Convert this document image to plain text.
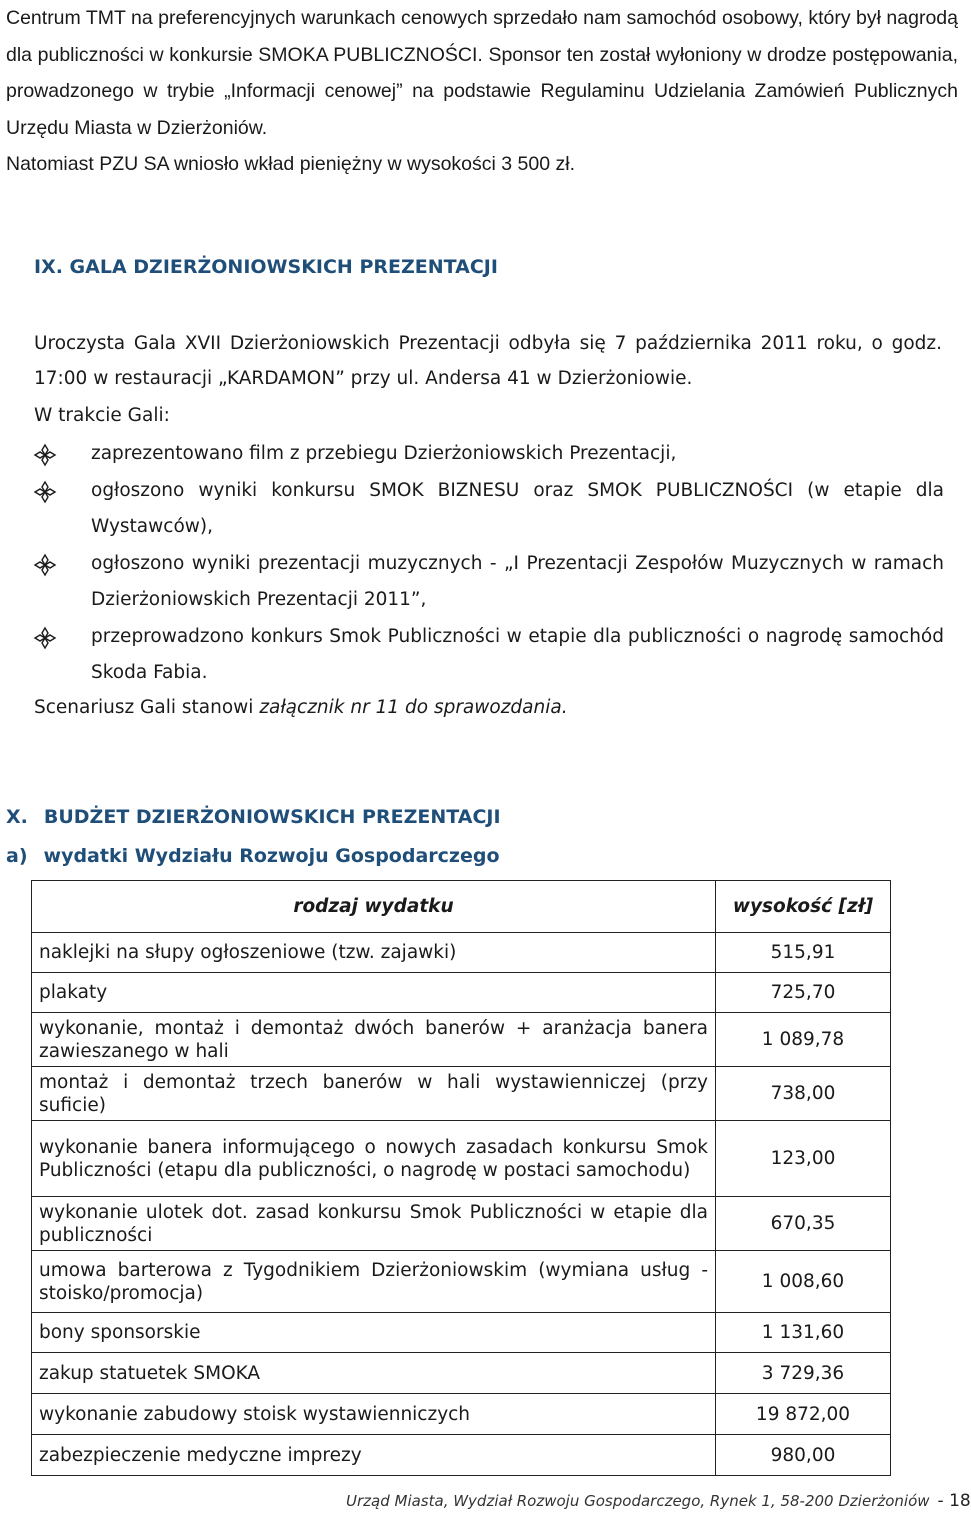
Centrum TMT na preferencyjnych warunkach cenowych sprzedało nam samochód osobowy, który był nagrodą dla publiczności w konkursie SMOKA PUBLICZNOŚCI. Sponsor ten został wyłoniony w drodze postępowania, prowadzonego w trybie „Informacji cenowej” na podstawie Regulaminu Udzielania Zamówień Publicznych Urzędu Miasta w Dzierżoniów.
Natomiast PZU SA wniosło wkład pieniężny w wysokości 3 500 zł.

IX. GALA DZIERŻONIOWSKICH PREZENTACJI

Uroczysta Gala XVII Dzierżoniowskich Prezentacji odbyła się 7 października 2011 roku, o godz. 17:00 w restauracji „KARDAMON” przy ul. Andersa 41 w Dzierżoniowie.

W trakcie Gali:

zaprezentowano film z przebiegu Dzierżoniowskich Prezentacji,
ogłoszono wyniki konkursu SMOK BIZNESU oraz SMOK PUBLICZNOŚCI (w etapie dla Wystawców),
ogłoszono wyniki prezentacji muzycznych - „I Prezentacji Zespołów Muzycznych w ramach Dzierżoniowskich Prezentacji 2011”,
przeprowadzono konkurs Smok Publiczności w etapie dla publiczności o nagrodę samochód Skoda Fabia.

Scenariusz Gali stanowi załącznik nr 11 do sprawozdania.

X. BUDŻET DZIERŻONIOWSKICH PREZENTACJI
a) wydatki Wydziału Rozwoju Gospodarczego
rodzaj wydatku	wysokość [zł]
naklejki na słupy ogłoszeniowe (tzw. zajawki)	515,91
plakaty	725,70
wykonanie, montaż i demontaż dwóch banerów + aranżacja banera zawieszanego w hali	1 089,78
montaż i demontaż trzech banerów w hali wystawienniczej (przy suficie)	738,00
wykonanie banera informującego o nowych zasadach konkursu Smok Publiczności (etapu dla publiczności, o nagrodę w postaci samochodu)	123,00
wykonanie ulotek dot. zasad konkursu Smok Publiczności w etapie dla publiczności	670,35
umowa barterowa z Tygodnikiem Dzierżoniowskim (wymiana usług - stoisko/promocja)	1 008,60
bony sponsorskie	1 131,60
zakup statuetek SMOKA	3 729,36
wykonanie zabudowy stoisk wystawienniczych	19 872,00
zabezpieczenie medyczne imprezy	980,00
Urząd Miasta, Wydział Rozwoju Gospodarczego, Rynek 1, 58-200 Dzierżoniów - 18
